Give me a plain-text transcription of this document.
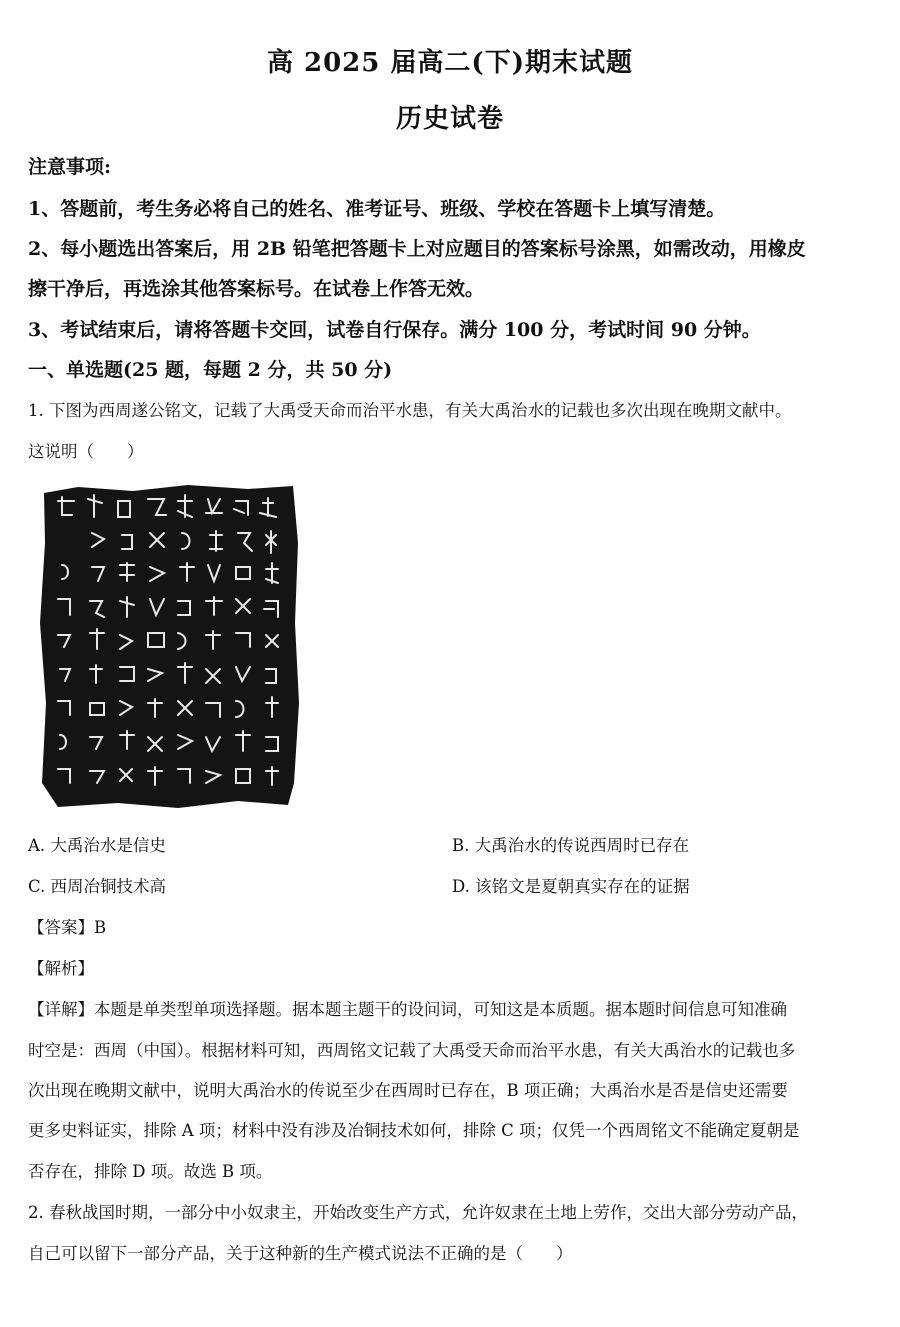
高 2025 届高二(下)期末试题
历史试卷
注意事项:
1、答题前，考生务必将自己的姓名、准考证号、班级、学校在答题卡上填写清楚。
2、每小题选出答案后，用 2B 铅笔把答题卡上对应题目的答案标号涂黑，如需改动，用橡皮
擦干净后，再选涂其他答案标号。在试卷上作答无效。
3、考试结束后，请将答题卡交回，试卷自行保存。满分 100 分，考试时间 90 分钟。
一、单选题(25 题，每题 2 分，共 50 分)
1. 下图为西周遂公铭文，记载了大禹受天命而治平水患，有关大禹治水的记载也多次出现在晚期文献中。
这说明（　　）
A. 大禹治水是信史	B. 大禹治水的传说西周时已存在
C. 西周冶铜技术高	D. 该铭文是夏朝真实存在的证据
【答案】B
【解析】
【详解】本题是单类型单项选择题。据本题主题干的设问词，可知这是本质题。据本题时间信息可知准确
时空是：西周（中国）。根据材料可知，西周铭文记载了大禹受天命而治平水患，有关大禹治水的记载也多
次出现在晚期文献中，说明大禹治水的传说至少在西周时已存在，B 项正确；大禹治水是否是信史还需要
更多史料证实，排除 A 项；材料中没有涉及冶铜技术如何，排除 C 项；仅凭一个西周铭文不能确定夏朝是
否存在，排除 D 项。故选 B 项。
2. 春秋战国时期，一部分中小奴隶主，开始改变生产方式，允许奴隶在土地上劳作，交出大部分劳动产品，
自己可以留下一部分产品，关于这种新的生产模式说法不正确的是（　　）
